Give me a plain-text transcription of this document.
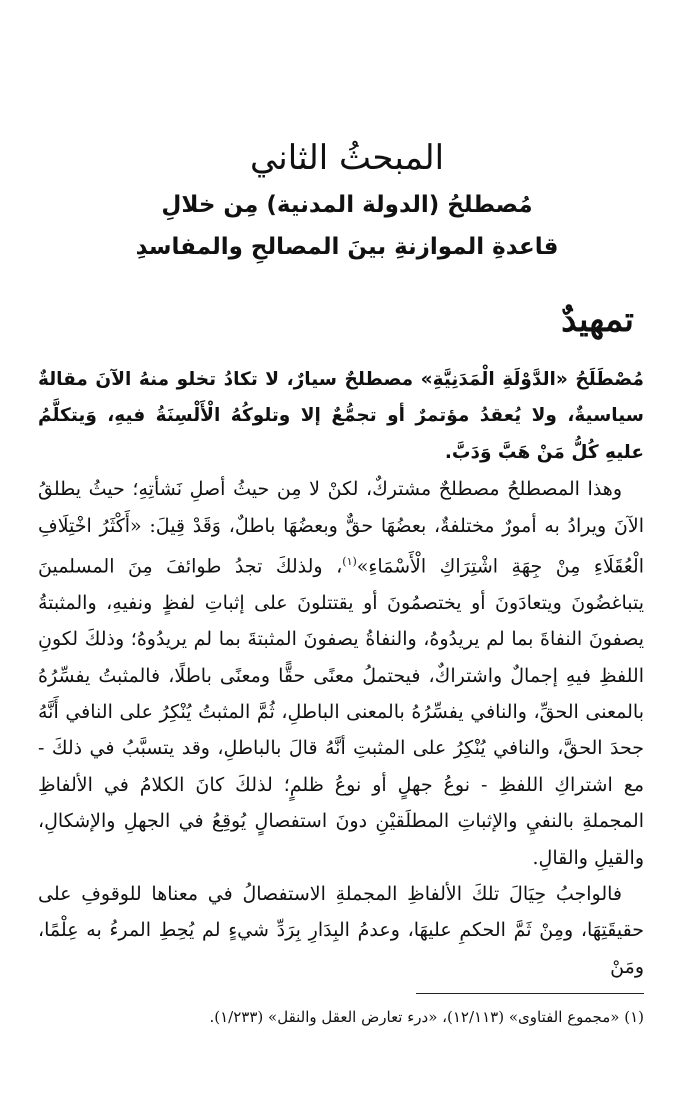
المبحثُ الثاني
مُصطلحُ (الدولة المدنية) مِن خلالِ
قاعدةِ الموازنةِ بينَ المصالحِ والمفاسدِ
تمهيدٌ

مُصْطَلَحُ «الدَّوْلَةِ الْمَدَنِيَّةِ» مصطلحٌ سيارٌ، لا تكادُ تخلو منهُ الآنَ مقالةٌ سياسيةٌ، ولا يُعقدُ مؤتمرٌ أو تجمُّعٌ إلا وتلوكُهُ الْأَلْسِنَةُ فيهِ، وَيتكلَّمُ عليهِ كُلُّ مَنْ هَبَّ وَدَبَّ.

وهذا المصطلحُ مصطلحٌ مشتركٌ، لكنْ لا مِن حيثُ أصلِ نَشأتِهِ؛ حيثُ يطلقُ الآنَ ويرادُ به أمورٌ مختلفةٌ، بعضُهَا حقٌّ وبعضُهَا باطلٌ، وَقَدْ قِيلَ: «أَكْثَرُ اخْتِلَافِ الْعُقَلَاءِ مِنْ جِهَةِ اشْتِرَاكِ الْأَسْمَاءِ»$^{(١)}$، ولذلكَ تجدُ طوائفَ مِنَ المسلمينَ يتباغضُونَ ويتعادَونَ أو يختصمُونَ أو يقتتلونَ على إثباتِ لفظٍ ونفيهِ، والمثبتةُ يصفونَ النفاةَ بما لم يريدُوهُ، والنفاةُ يصفونَ المثبتةَ بما لم يريدُوهُ؛ وذلكَ لكونِ اللفظِ فيهِ إجمالٌ واشتراكٌ، فيحتملُ معنًى حقًّا ومعنًى باطلًا، فالمثبتُ يفسِّرُهُ بالمعنى الحقِّ، والنافي يفسِّرُهُ بالمعنى الباطلِ، ثُمَّ المثبتُ يُنْكِرُ على النافي أَنَّهُ جحدَ الحقَّ، والنافي يُنْكِرُ على المثبتِ أنَّهُ قالَ بالباطلِ، وقد يتسبَّبُ في ذلكَ - مع اشتراكِ اللفظِ - نوعُ جهلٍ أو نوعُ ظلمٍ؛ لذلكَ كانَ الكلامُ في الألفاظِ المجملةِ بالنفيِ والإثباتِ المطلَقيْنِ دونَ استفصالٍ يُوقِعُ في الجهلِ والإشكالِ، والقيلِ والقالِ.

فالواجبُ حِيَالَ تلكَ الألفاظِ المجملةِ الاستفصالُ في معناها للوقوفِ على حقيقَتِهَا، ومِنْ ثَمَّ الحكمِ عليهَا، وعدمُ البِدَارِ بِرَدِّ شيءٍ لم يُحِطِ المرءُ به عِلْمًا، ومَنْ

(١) «مجموع الفتاوى» (١٢/١١٣)، «درء تعارض العقل والنقل» (١/٢٣٣).
